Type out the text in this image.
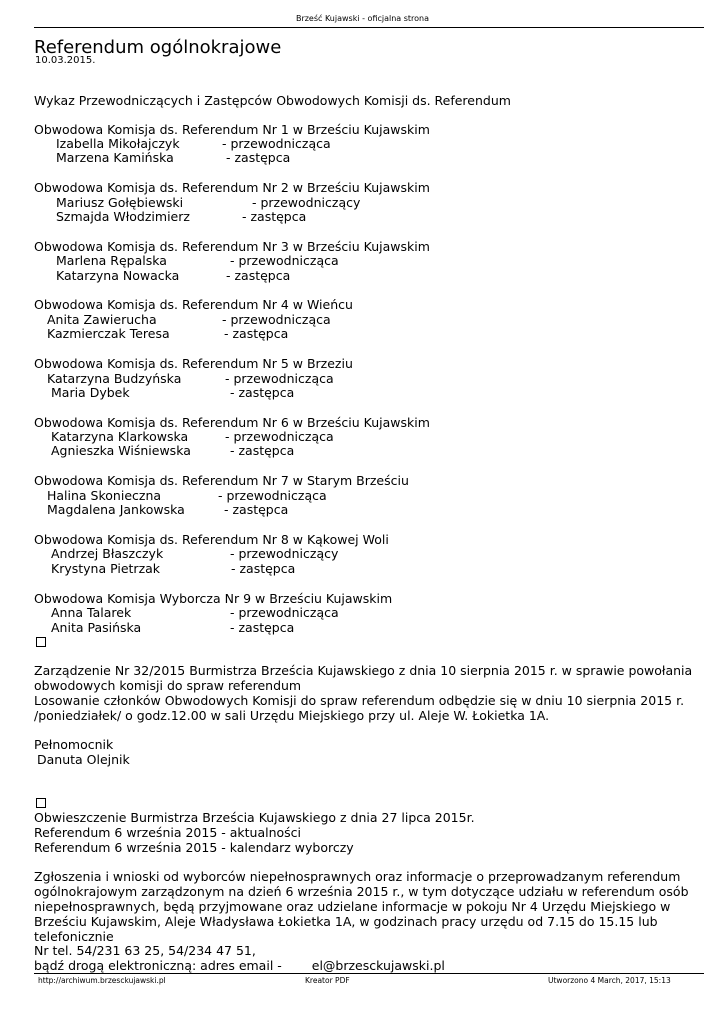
Brześć Kujawski - oficjalna strona
Referendum ogólnokrajowe
10.03.2015.
Wykaz Przewodniczących i Zastępców Obwodowych Komisji ds. Referendum
Obwodowa Komisja ds. Referendum Nr 1 w Brześciu Kujawskim
Izabella Mikołajczyk	- przewodnicząca
Marzena Kamińska	- zastępca
Obwodowa Komisja ds. Referendum Nr 2 w Brześciu Kujawskim
Mariusz Gołębiewski	- przewodniczący
Szmajda Włodzimierz	- zastępca
Obwodowa Komisja ds. Referendum Nr 3 w Brześciu Kujawskim
Marlena Rępalska	- przewodnicząca
Katarzyna Nowacka	- zastępca
Obwodowa Komisja ds. Referendum Nr 4 w Wieńcu
Anita Zawierucha	- przewodnicząca
Kazmierczak Teresa	- zastępca
Obwodowa Komisja ds. Referendum Nr 5 w Brzeziu
Katarzyna Budzyńska	- przewodnicząca
Maria Dybek	- zastępca
Obwodowa Komisja ds. Referendum Nr 6 w Brześciu Kujawskim
Katarzyna Klarkowska	- przewodnicząca
Agnieszka Wiśniewska	- zastępca
Obwodowa Komisja ds. Referendum Nr 7 w Starym Brześciu
Halina Skonieczna	- przewodnicząca
Magdalena Jankowska	- zastępca
Obwodowa Komisja ds. Referendum Nr 8 w Kąkowej Woli
Andrzej Błaszczyk	- przewodniczący
Krystyna Pietrzak	- zastępca
Obwodowa Komisja Wyborcza Nr 9 w Brześciu Kujawskim
Anna Talarek	- przewodnicząca
Anita Pasińska	- zastępca
Zarządzenie Nr 32/2015 Burmistrza Brześcia Kujawskiego z dnia 10 sierpnia 2015 r. w sprawie powołania
obwodowych komisji do spraw referendum
Losowanie członków Obwodowych Komisji do spraw referendum odbędzie się w dniu 10 sierpnia 2015 r.
/poniedziałek/ o godz.12.00 w sali Urzędu Miejskiego przy ul. Aleje W. Łokietka 1A.
Pełnomocnik
Danuta Olejnik
Obwieszczenie Burmistrza Brześcia Kujawskiego z dnia 27 lipca 2015r.
Referendum 6 września 2015 - aktualności
Referendum 6 września 2015 - kalendarz wyborczy
Zgłoszenia i wnioski od wyborców niepełnosprawnych oraz informacje o przeprowadzanym referendum
ogólnokrajowym zarządzonym na dzień 6 września 2015 r., w tym dotyczące udziału w referendum osób
niepełnosprawnych, będą przyjmowane oraz udzielane informacje w pokoju Nr 4 Urzędu Miejskiego w
Brześciu Kujawskim, Aleje Władysława Łokietka 1A, w godzinach pracy urzędu od 7.15 do 15.15 lub
telefonicznie
Nr tel. 54/231 63 25, 54/234 47 51,
bądź drogą elektroniczną: adres email - el@brzesckujawski.pl
http://archiwum.brzesckujawski.pl	Kreator PDF	Utworzono 4 March, 2017, 15:13
